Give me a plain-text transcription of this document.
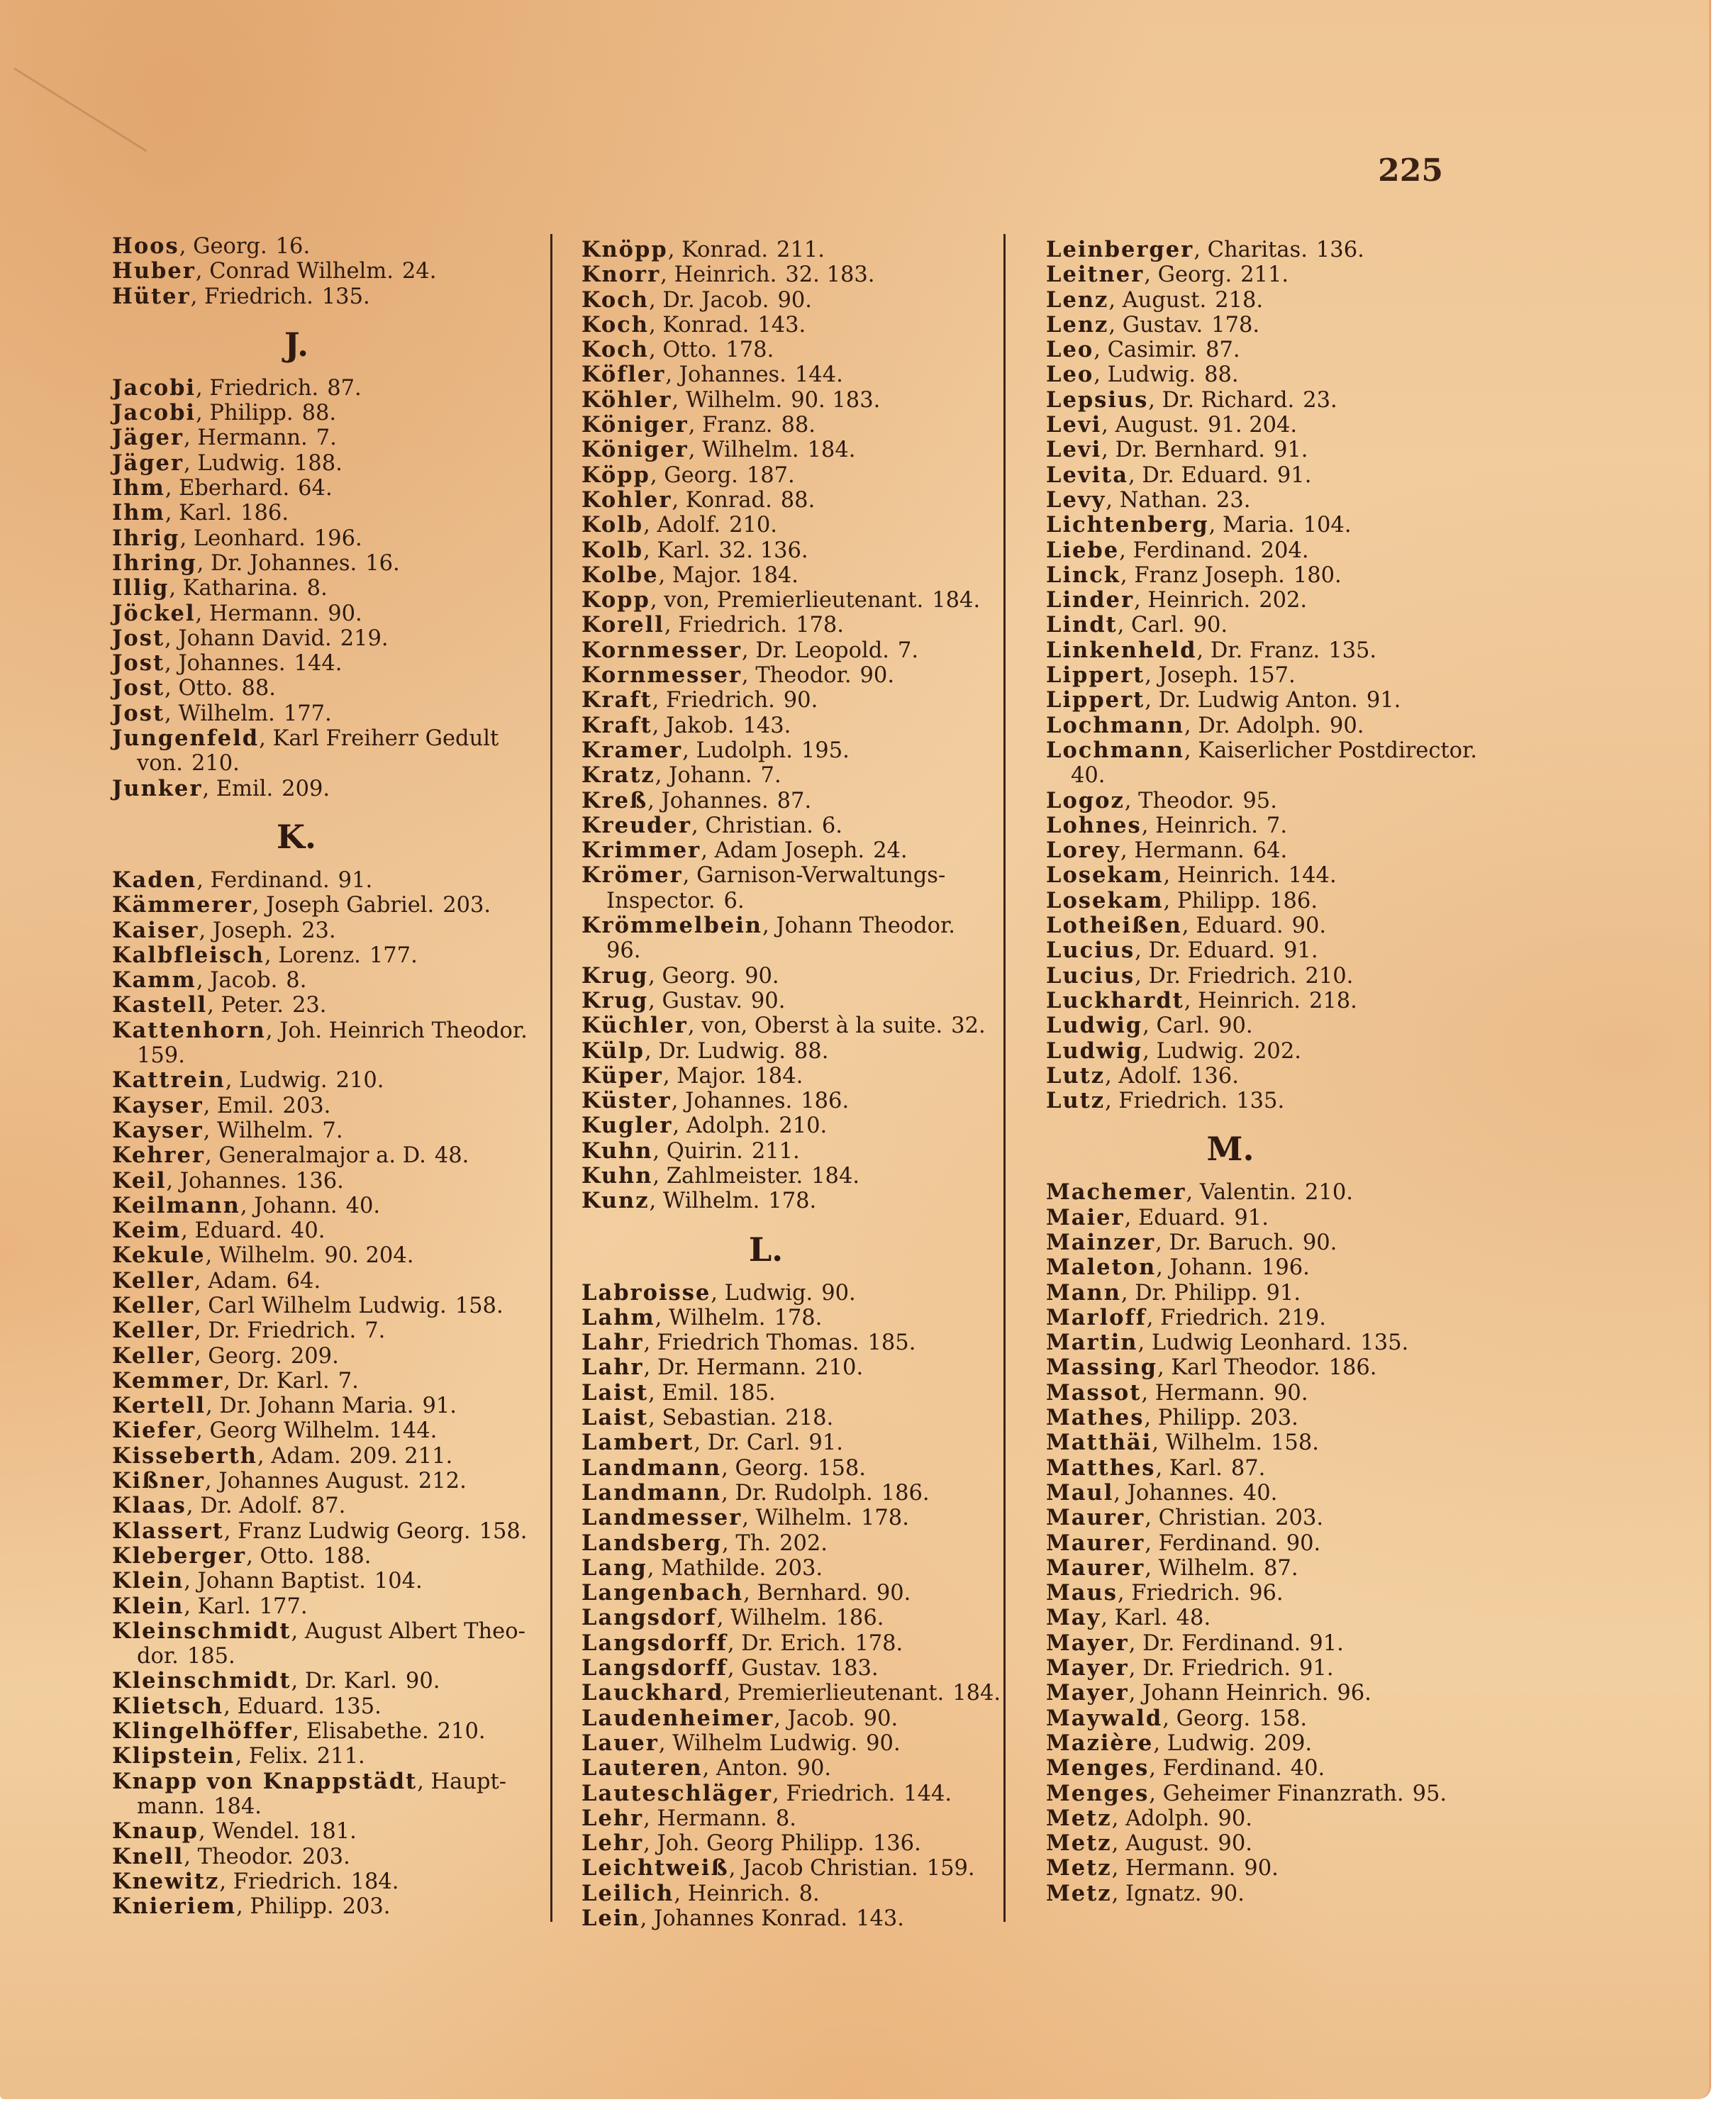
225
Hoos, Georg. 16.
Huber, Conrad Wilhelm. 24.
Hüter, Friedrich. 135.
J.
Jacobi, Friedrich. 87.
Jacobi, Philipp. 88.
Jäger, Hermann. 7.
Jäger, Ludwig. 188.
Ihm, Eberhard. 64.
Ihm, Karl. 186.
Ihrig, Leonhard. 196.
Ihring, Dr. Johannes. 16.
Illig, Katharina. 8.
Jöckel, Hermann. 90.
Jost, Johann David. 219.
Jost, Johannes. 144.
Jost, Otto. 88.
Jost, Wilhelm. 177.
Jungenfeld, Karl Freiherr Gedult
von. 210.
Junker, Emil. 209.
K.
Kaden, Ferdinand. 91.
Kämmerer, Joseph Gabriel. 203.
Kaiser, Joseph. 23.
Kalbfleisch, Lorenz. 177.
Kamm, Jacob. 8.
Kastell, Peter. 23.
Kattenhorn, Joh. Heinrich Theodor.
159.
Kattrein, Ludwig. 210.
Kayser, Emil. 203.
Kayser, Wilhelm. 7.
Kehrer, Generalmajor a. D. 48.
Keil, Johannes. 136.
Keilmann, Johann. 40.
Keim, Eduard. 40.
Kekule, Wilhelm. 90. 204.
Keller, Adam. 64.
Keller, Carl Wilhelm Ludwig. 158.
Keller, Dr. Friedrich. 7.
Keller, Georg. 209.
Kemmer, Dr. Karl. 7.
Kertell, Dr. Johann Maria. 91.
Kiefer, Georg Wilhelm. 144.
Kisseberth, Adam. 209. 211.
Kißner, Johannes August. 212.
Klaas, Dr. Adolf. 87.
Klassert, Franz Ludwig Georg. 158.
Kleberger, Otto. 188.
Klein, Johann Baptist. 104.
Klein, Karl. 177.
Kleinschmidt, August Albert Theo-
dor. 185.
Kleinschmidt, Dr. Karl. 90.
Klietsch, Eduard. 135.
Klingelhöffer, Elisabethe. 210.
Klipstein, Felix. 211.
Knapp von Knappstädt, Haupt-
mann. 184.
Knaup, Wendel. 181.
Knell, Theodor. 203.
Knewitz, Friedrich. 184.
Knieriem, Philipp. 203.
Knöpp, Konrad. 211.
Knorr, Heinrich. 32. 183.
Koch, Dr. Jacob. 90.
Koch, Konrad. 143.
Koch, Otto. 178.
Köfler, Johannes. 144.
Köhler, Wilhelm. 90. 183.
Königer, Franz. 88.
Königer, Wilhelm. 184.
Köpp, Georg. 187.
Kohler, Konrad. 88.
Kolb, Adolf. 210.
Kolb, Karl. 32. 136.
Kolbe, Major. 184.
Kopp, von, Premierlieutenant. 184.
Korell, Friedrich. 178.
Kornmesser, Dr. Leopold. 7.
Kornmesser, Theodor. 90.
Kraft, Friedrich. 90.
Kraft, Jakob. 143.
Kramer, Ludolph. 195.
Kratz, Johann. 7.
Kreß, Johannes. 87.
Kreuder, Christian. 6.
Krimmer, Adam Joseph. 24.
Krömer, Garnison-Verwaltungs-
Inspector. 6.
Krömmelbein, Johann Theodor.
96.
Krug, Georg. 90.
Krug, Gustav. 90.
Küchler, von, Oberst à la suite. 32.
Külp, Dr. Ludwig. 88.
Küper, Major. 184.
Küster, Johannes. 186.
Kugler, Adolph. 210.
Kuhn, Quirin. 211.
Kuhn, Zahlmeister. 184.
Kunz, Wilhelm. 178.
L.
Labroisse, Ludwig. 90.
Lahm, Wilhelm. 178.
Lahr, Friedrich Thomas. 185.
Lahr, Dr. Hermann. 210.
Laist, Emil. 185.
Laist, Sebastian. 218.
Lambert, Dr. Carl. 91.
Landmann, Georg. 158.
Landmann, Dr. Rudolph. 186.
Landmesser, Wilhelm. 178.
Landsberg, Th. 202.
Lang, Mathilde. 203.
Langenbach, Bernhard. 90.
Langsdorf, Wilhelm. 186.
Langsdorff, Dr. Erich. 178.
Langsdorff, Gustav. 183.
Lauckhard, Premierlieutenant. 184.
Laudenheimer, Jacob. 90.
Lauer, Wilhelm Ludwig. 90.
Lauteren, Anton. 90.
Lauteschläger, Friedrich. 144.
Lehr, Hermann. 8.
Lehr, Joh. Georg Philipp. 136.
Leichtweiß, Jacob Christian. 159.
Leilich, Heinrich. 8.
Lein, Johannes Konrad. 143.
Leinberger, Charitas. 136.
Leitner, Georg. 211.
Lenz, August. 218.
Lenz, Gustav. 178.
Leo, Casimir. 87.
Leo, Ludwig. 88.
Lepsius, Dr. Richard. 23.
Levi, August. 91. 204.
Levi, Dr. Bernhard. 91.
Levita, Dr. Eduard. 91.
Levy, Nathan. 23.
Lichtenberg, Maria. 104.
Liebe, Ferdinand. 204.
Linck, Franz Joseph. 180.
Linder, Heinrich. 202.
Lindt, Carl. 90.
Linkenheld, Dr. Franz. 135.
Lippert, Joseph. 157.
Lippert, Dr. Ludwig Anton. 91.
Lochmann, Dr. Adolph. 90.
Lochmann, Kaiserlicher Postdirector.
40.
Logoz, Theodor. 95.
Lohnes, Heinrich. 7.
Lorey, Hermann. 64.
Losekam, Heinrich. 144.
Losekam, Philipp. 186.
Lotheißen, Eduard. 90.
Lucius, Dr. Eduard. 91.
Lucius, Dr. Friedrich. 210.
Luckhardt, Heinrich. 218.
Ludwig, Carl. 90.
Ludwig, Ludwig. 202.
Lutz, Adolf. 136.
Lutz, Friedrich. 135.
M.
Machemer, Valentin. 210.
Maier, Eduard. 91.
Mainzer, Dr. Baruch. 90.
Maleton, Johann. 196.
Mann, Dr. Philipp. 91.
Marloff, Friedrich. 219.
Martin, Ludwig Leonhard. 135.
Massing, Karl Theodor. 186.
Massot, Hermann. 90.
Mathes, Philipp. 203.
Matthäi, Wilhelm. 158.
Matthes, Karl. 87.
Maul, Johannes. 40.
Maurer, Christian. 203.
Maurer, Ferdinand. 90.
Maurer, Wilhelm. 87.
Maus, Friedrich. 96.
May, Karl. 48.
Mayer, Dr. Ferdinand. 91.
Mayer, Dr. Friedrich. 91.
Mayer, Johann Heinrich. 96.
Maywald, Georg. 158.
Mazière, Ludwig. 209.
Menges, Ferdinand. 40.
Menges, Geheimer Finanzrath. 95.
Metz, Adolph. 90.
Metz, August. 90.
Metz, Hermann. 90.
Metz, Ignatz. 90.
